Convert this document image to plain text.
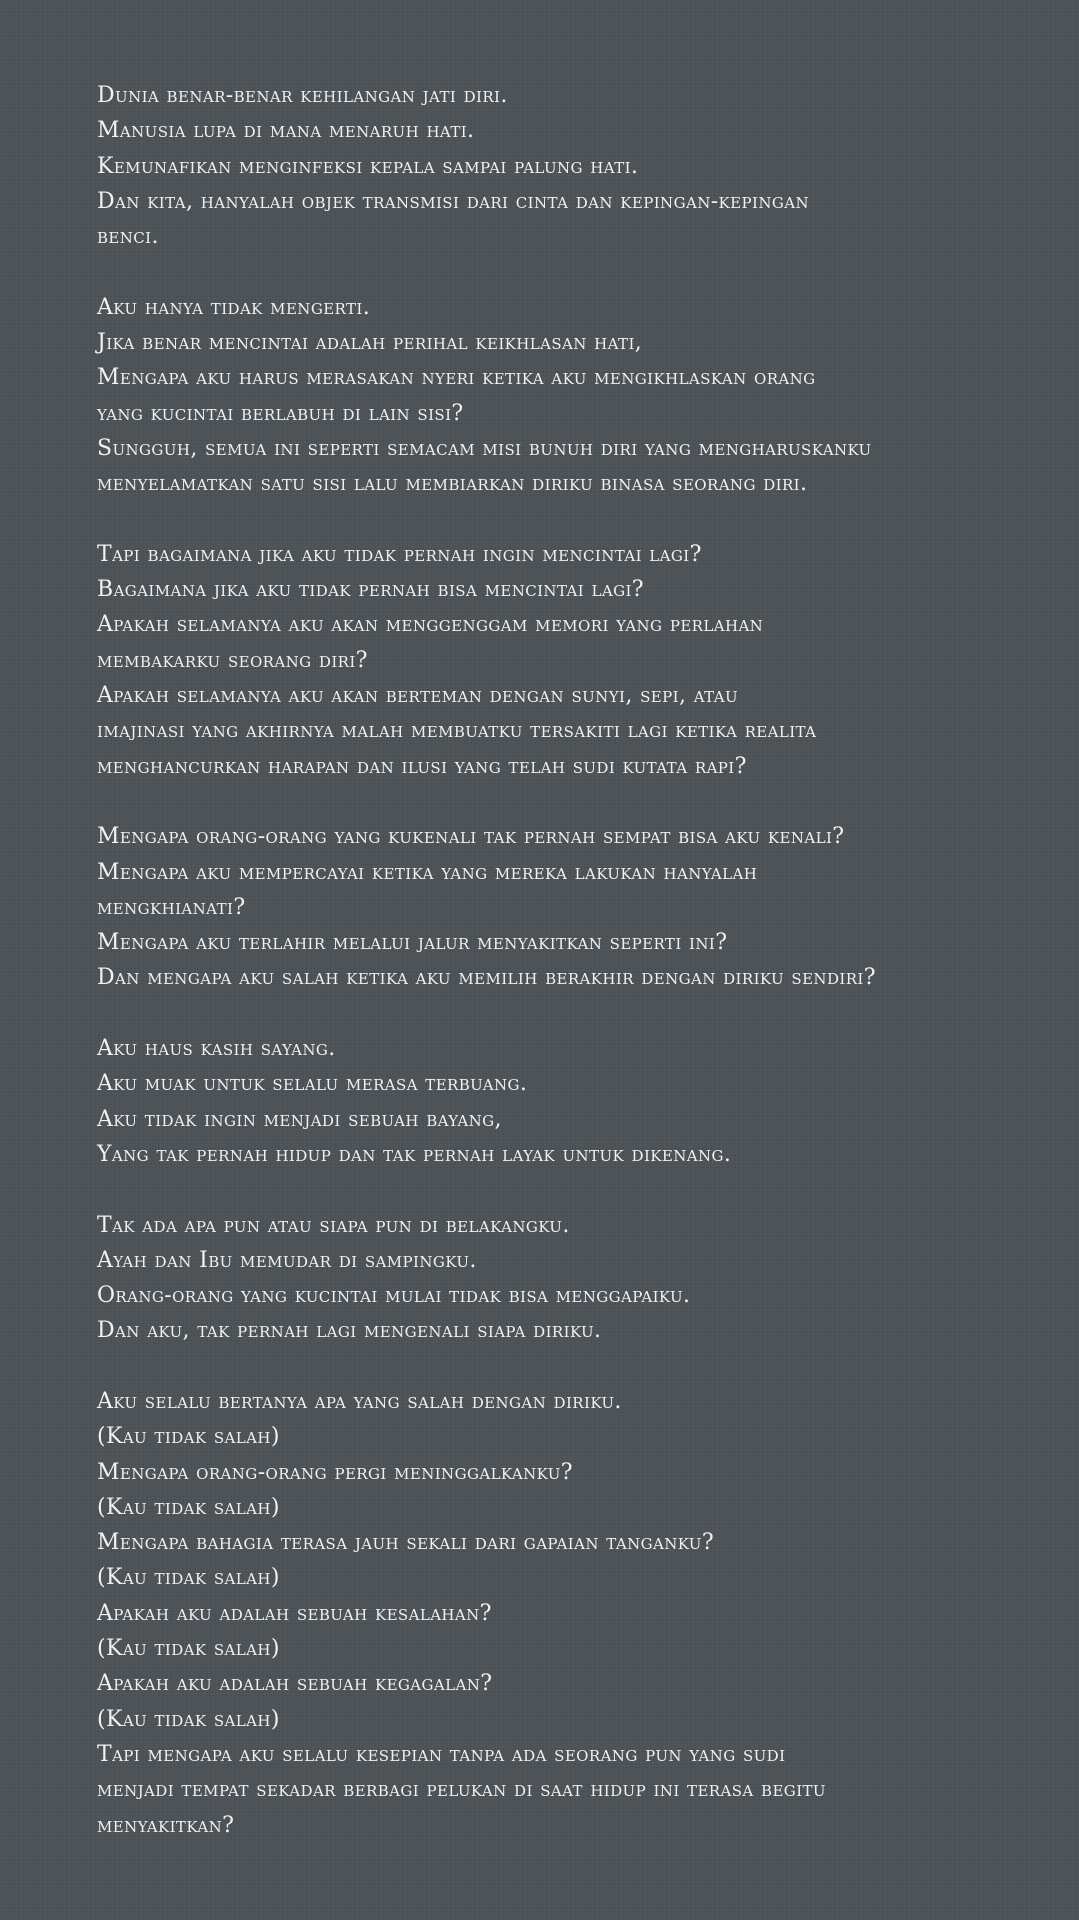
Dunia benar-benar kehilangan jati diri.
Manusia lupa di mana menaruh hati.
Kemunafikan menginfeksi kepala sampai palung hati.
Dan kita, hanyalah objek transmisi dari cinta dan kepingan-kepingan
benci.
Aku hanya tidak mengerti.
Jika benar mencintai adalah perihal keikhlasan hati,
Mengapa aku harus merasakan nyeri ketika aku mengikhlaskan orang
yang kucintai berlabuh di lain sisi?
Sungguh, semua ini seperti semacam misi bunuh diri yang mengharuskanku
menyelamatkan satu sisi lalu membiarkan diriku binasa seorang diri.
Tapi bagaimana jika aku tidak pernah ingin mencintai lagi?
Bagaimana jika aku tidak pernah bisa mencintai lagi?
Apakah selamanya aku akan menggenggam memori yang perlahan
membakarku seorang diri?
Apakah selamanya aku akan berteman dengan sunyi, sepi, atau
imajinasi yang akhirnya malah membuatku tersakiti lagi ketika realita
menghancurkan harapan dan ilusi yang telah sudi kutata rapi?
Mengapa orang-orang yang kukenali tak pernah sempat bisa aku kenali?
Mengapa aku mempercayai ketika yang mereka lakukan hanyalah
mengkhianati?
Mengapa aku terlahir melalui jalur menyakitkan seperti ini?
Dan mengapa aku salah ketika aku memilih berakhir dengan diriku sendiri?
Aku haus kasih sayang.
Aku muak untuk selalu merasa terbuang.
Aku tidak ingin menjadi sebuah bayang,
Yang tak pernah hidup dan tak pernah layak untuk dikenang.
Tak ada apa pun atau siapa pun di belakangku.
Ayah dan Ibu memudar di sampingku.
Orang-orang yang kucintai mulai tidak bisa menggapaiku.
Dan aku, tak pernah lagi mengenali siapa diriku.
Aku selalu bertanya apa yang salah dengan diriku.
(Kau tidak salah)
Mengapa orang-orang pergi meninggalkanku?
(Kau tidak salah)
Mengapa bahagia terasa jauh sekali dari gapaian tanganku?
(Kau tidak salah)
Apakah aku adalah sebuah kesalahan?
(Kau tidak salah)
Apakah aku adalah sebuah kegagalan?
(Kau tidak salah)
Tapi mengapa aku selalu kesepian tanpa ada seorang pun yang sudi
menjadi tempat sekadar berbagi pelukan di saat hidup ini terasa begitu
menyakitkan?
